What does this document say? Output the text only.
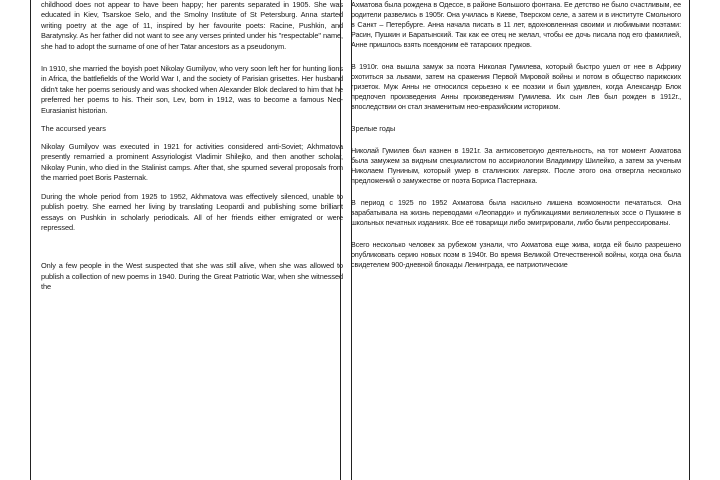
childhood does not appear to have been happy; her parents separated in 1905. She was educated in Kiev, Tsarskoe Selo, and the Smolny Institute of St Petersburg. Anna started writing poetry at the age of 11, inspired by her favourite poets: Racine, Pushkin, and Baratynsky. As her father did not want to see any verses printed under his "respectable" name, she had to adopt the surname of one of her Tatar ancestors as a pseudonym.

In 1910, she married the boyish poet Nikolay Gumilyov, who very soon left her for hunting lions in Africa, the battlefields of the World War I, and the society of Parisian grisettes. Her husband didn't take her poems seriously and was shocked when Alexander Blok declared to him that he preferred her poems to his. Their son, Lev, born in 1912, was to become a famous Neo-Eurasianist historian.

The accursed years

Nikolay Gumilyov was executed in 1921 for activities considered anti-Soviet; Akhmatova presently remarried a prominent Assyriologist Vladimir Shilejko, and then another scholar, Nikolay Punin, who died in the Stalinist camps. After that, she spurned several proposals from the married poet Boris Pasternak.

During the whole period from 1925 to 1952, Akhmatova was effectively silenced, unable to publish poetry. She earned her living by translating Leopardi and publishing some brilliant essays on Pushkin in scholarly periodicals. All of her friends either emigrated or were repressed.

Only a few people in the West suspected that she was still alive, when she was allowed to publish a collection of new poems in 1940. During the Great Patriotic War, when she witnessed the

Ахматова была рождена в Одессе, в районе Большого фонтана. Ее детство не было счастливым, ее родители развелись в 1905г. Она училась в Киеве, Тверском селе, а затем и в институте Смольного в Санкт – Петербурге. Анна начала писать в 11 лет, вдохновленная своими и любимыми поэтами: Расин, Пушкин и Баратынский. Так как ее отец не желал, чтобы ее дочь писала под его фамилией, Анне пришлось взять псевдоним её татарских предков.

В 1910г. она вышла замуж за поэта Николая Гумилева, который быстро ушел от нее в Африку охотиться за львами, затем на сражения Первой Мировой войны и потом в общество парижских гризеток. Муж Анны не относился серьезно к ее поэзии и был удивлен, когда Александр Блок предпочел произведения Анны произведениям Гумилева. Их сын Лев был рожден в 1912г., впоследствии он стал знаменитым нео-евразийским историком.

Зрелые годы

Николай Гумилев был казнен в 1921г. За антисоветскую деятельность, на тот момент Ахматова была замужем за видным специалистом по ассириологии Владимиру Шилейко, а затем за ученым Николаем Пуниным, который умер в сталинских лагерях. После этого она отвергла несколько предложений о замужестве от поэта Бориса Пастернака.

В период с 1925 по 1952 Ахматова была насильно лишена возможности печататься. Она зарабатывала на жизнь переводами «Леопарди» и публикациями великолепных эссе о Пушкине в школьных печатных изданиях. Все её товарищи либо эмигрировали, либо были репрессированы.

Всего несколько человек за рубежом узнали, что Ахматова еще жива, когда ей было разрешено опубликовать серию новых поэм в 1940г. Во время Великой Отечественной войны, когда она была свидетелем 900-дневной блокады Ленинграда, ее патриотические
